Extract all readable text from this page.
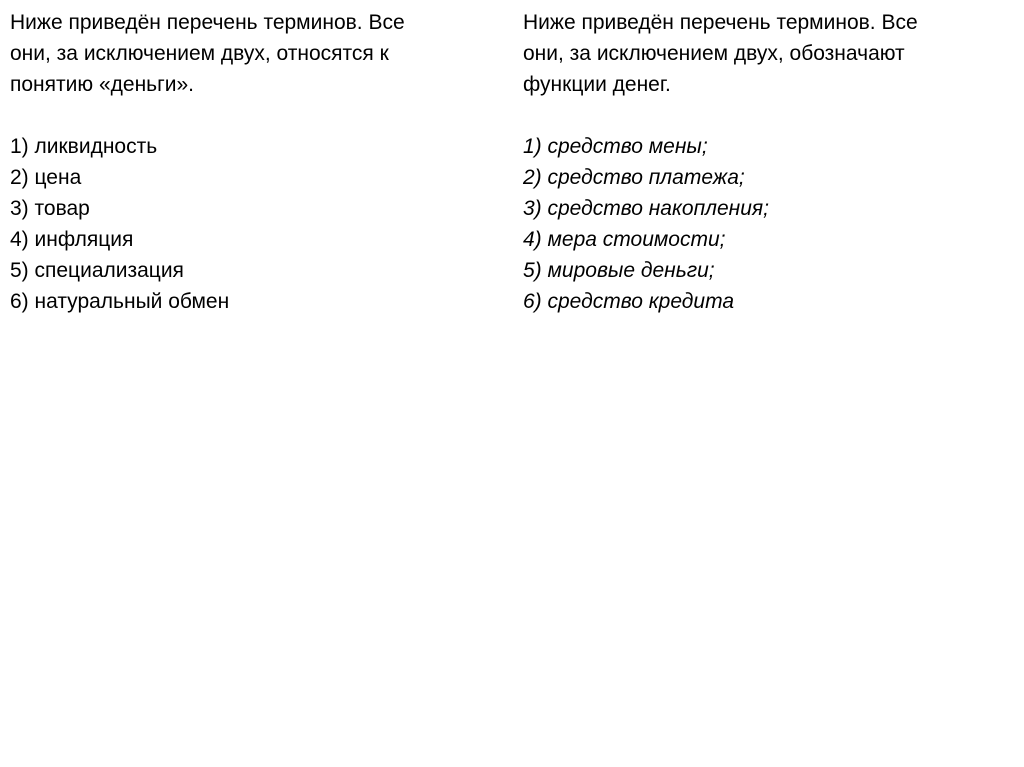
Ниже приведён перечень терминов. Все
они, за исключением двух, относятся к
понятию «деньги».
1) ликвидность
2) цена
3) товар
4) инфляция
5) специализация
6) натуральный обмен
Ниже приведён перечень терминов. Все
они, за исключением двух, обозначают
функции денег.
1) средство мены;
2) средство платежа;
3) средство накопления;
4) мера стоимости;
5) мировые деньги;
6) средство кредита
